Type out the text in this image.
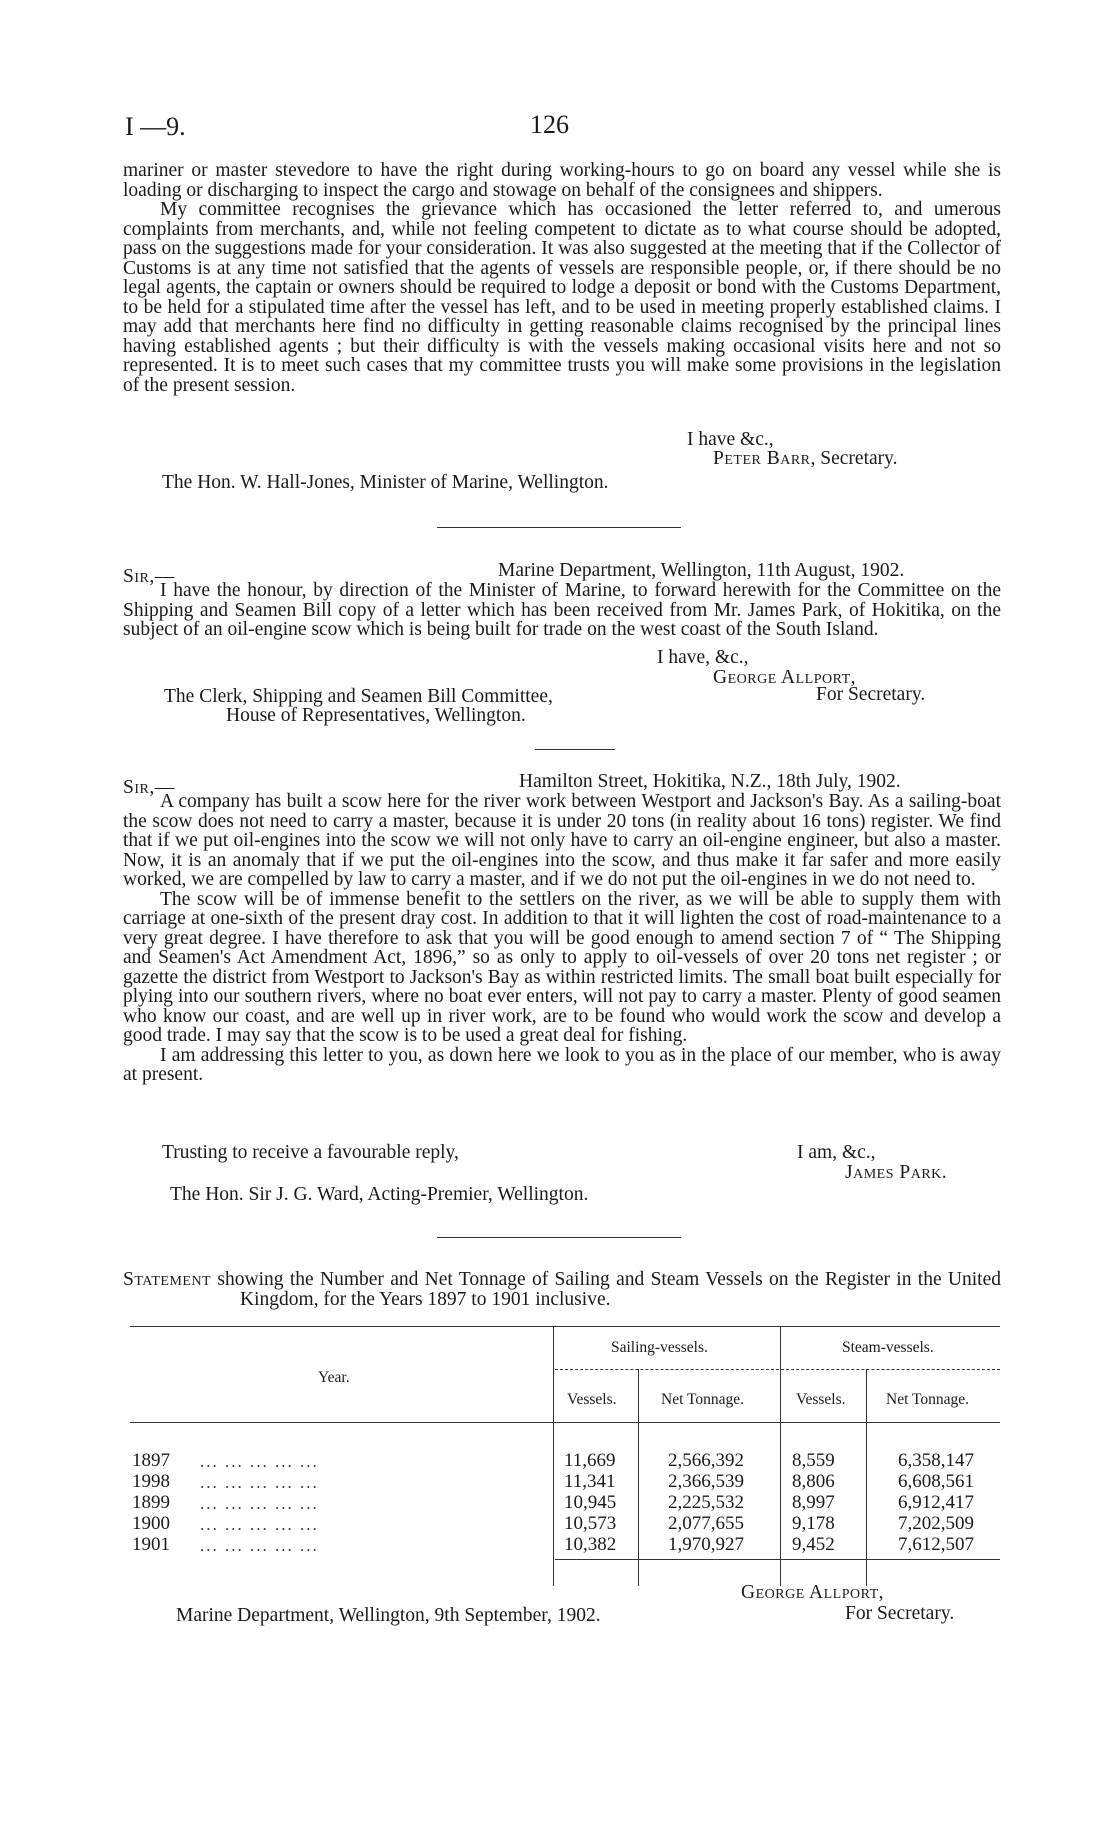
I —9.	126

mariner or master stevedore to have the right during working-hours to go on board any vessel while she is loading or discharging to inspect the cargo and stowage on behalf of the consignees and shippers.

My committee recognises the grievance which has occasioned the letter referred to, and umerous complaints from merchants, and, while not feeling competent to dictate as to what course should be adopted, pass on the suggestions made for your consideration. It was also suggested at the meeting that if the Collector of Customs is at any time not satisfied that the agents of vessels are responsible people, or, if there should be no legal agents, the captain or owners should be required to lodge a deposit or bond with the Customs Department, to be held for a stipulated time after the vessel has left, and to be used in meeting properly established claims. I may add that merchants here find no difficulty in getting reasonable claims recognised by the principal lines having established agents ; but their difficulty is with the vessels making occasional visits here and not so represented. It is to meet such cases that my committee trusts you will make some provisions in the legislation of the present session.

I have &c.,
Peter Barr, Secretary.
The Hon. W. Hall-Jones, Minister of Marine, Wellington.
Sir,—	Marine Department, Wellington, 11th August, 1902.

I have the honour, by direction of the Minister of Marine, to forward herewith for the Committee on the Shipping and Seamen Bill copy of a letter which has been received from Mr. James Park, of Hokitika, on the subject of an oil-engine scow which is being built for trade on the west coast of the South Island.

I have, &c.,
George Allport,
The Clerk, Shipping and Seamen Bill Committee,	For Secretary.
House of Representatives, Wellington.
Sir,—	Hamilton Street, Hokitika, N.Z., 18th July, 1902.

A company has built a scow here for the river work between Westport and Jackson's Bay. As a sailing-boat the scow does not need to carry a master, because it is under 20 tons (in reality about 16 tons) register. We find that if we put oil-engines into the scow we will not only have to carry an oil-engine engineer, but also a master. Now, it is an anomaly that if we put the oil-engines into the scow, and thus make it far safer and more easily worked, we are compelled by law to carry a master, and if we do not put the oil-engines in we do not need to.

The scow will be of immense benefit to the settlers on the river, as we will be able to supply them with carriage at one-sixth of the present dray cost. In addition to that it will lighten the cost of road-maintenance to a very great degree. I have therefore to ask that you will be good enough to amend section 7 of “ The Shipping and Seamen's Act Amendment Act, 1896,” so as only to apply to oil-vessels of over 20 tons net register ; or gazette the district from Westport to Jackson's Bay as within restricted limits. The small boat built especially for plying into our southern rivers, where no boat ever enters, will not pay to carry a master. Plenty of good seamen who know our coast, and are well up in river work, are to be found who would work the scow and develop a good trade. I may say that the scow is to be used a great deal for fishing.

I am addressing this letter to you, as down here we look to you as in the place of our member, who is away at present.

Trusting to receive a favourable reply,	I am, &c.,
James Park.
The Hon. Sir J. G. Ward, Acting-Premier, Wellington.

Statement showing the Number and Net Tonnage of Sailing and Steam Vessels on the Register in the United Kingdom, for the Years 1897 to 1901 inclusive.

Year.
Sailing-vessels.	Steam-vessels.
Vessels.	Net Tonnage.	Vessels.	Net Tonnage.
1897 ... ... ... ... ...	11,669	2,566,392	8,559	6,358,147
1998 ... ... ... ... ...	11,341	2,366,539	8,806	6,608,561
1899 ... ... ... ... ...	10,945	2,225,532	8,997	6,912,417
1900 ... ... ... ... ...	10,573	2,077,655	9,178	7,202,509
1901 ... ... ... ... ...	10,382	1,970,927	9,452	7,612,507
George Allport,
Marine Department, Wellington, 9th September, 1902.	For Secretary.
